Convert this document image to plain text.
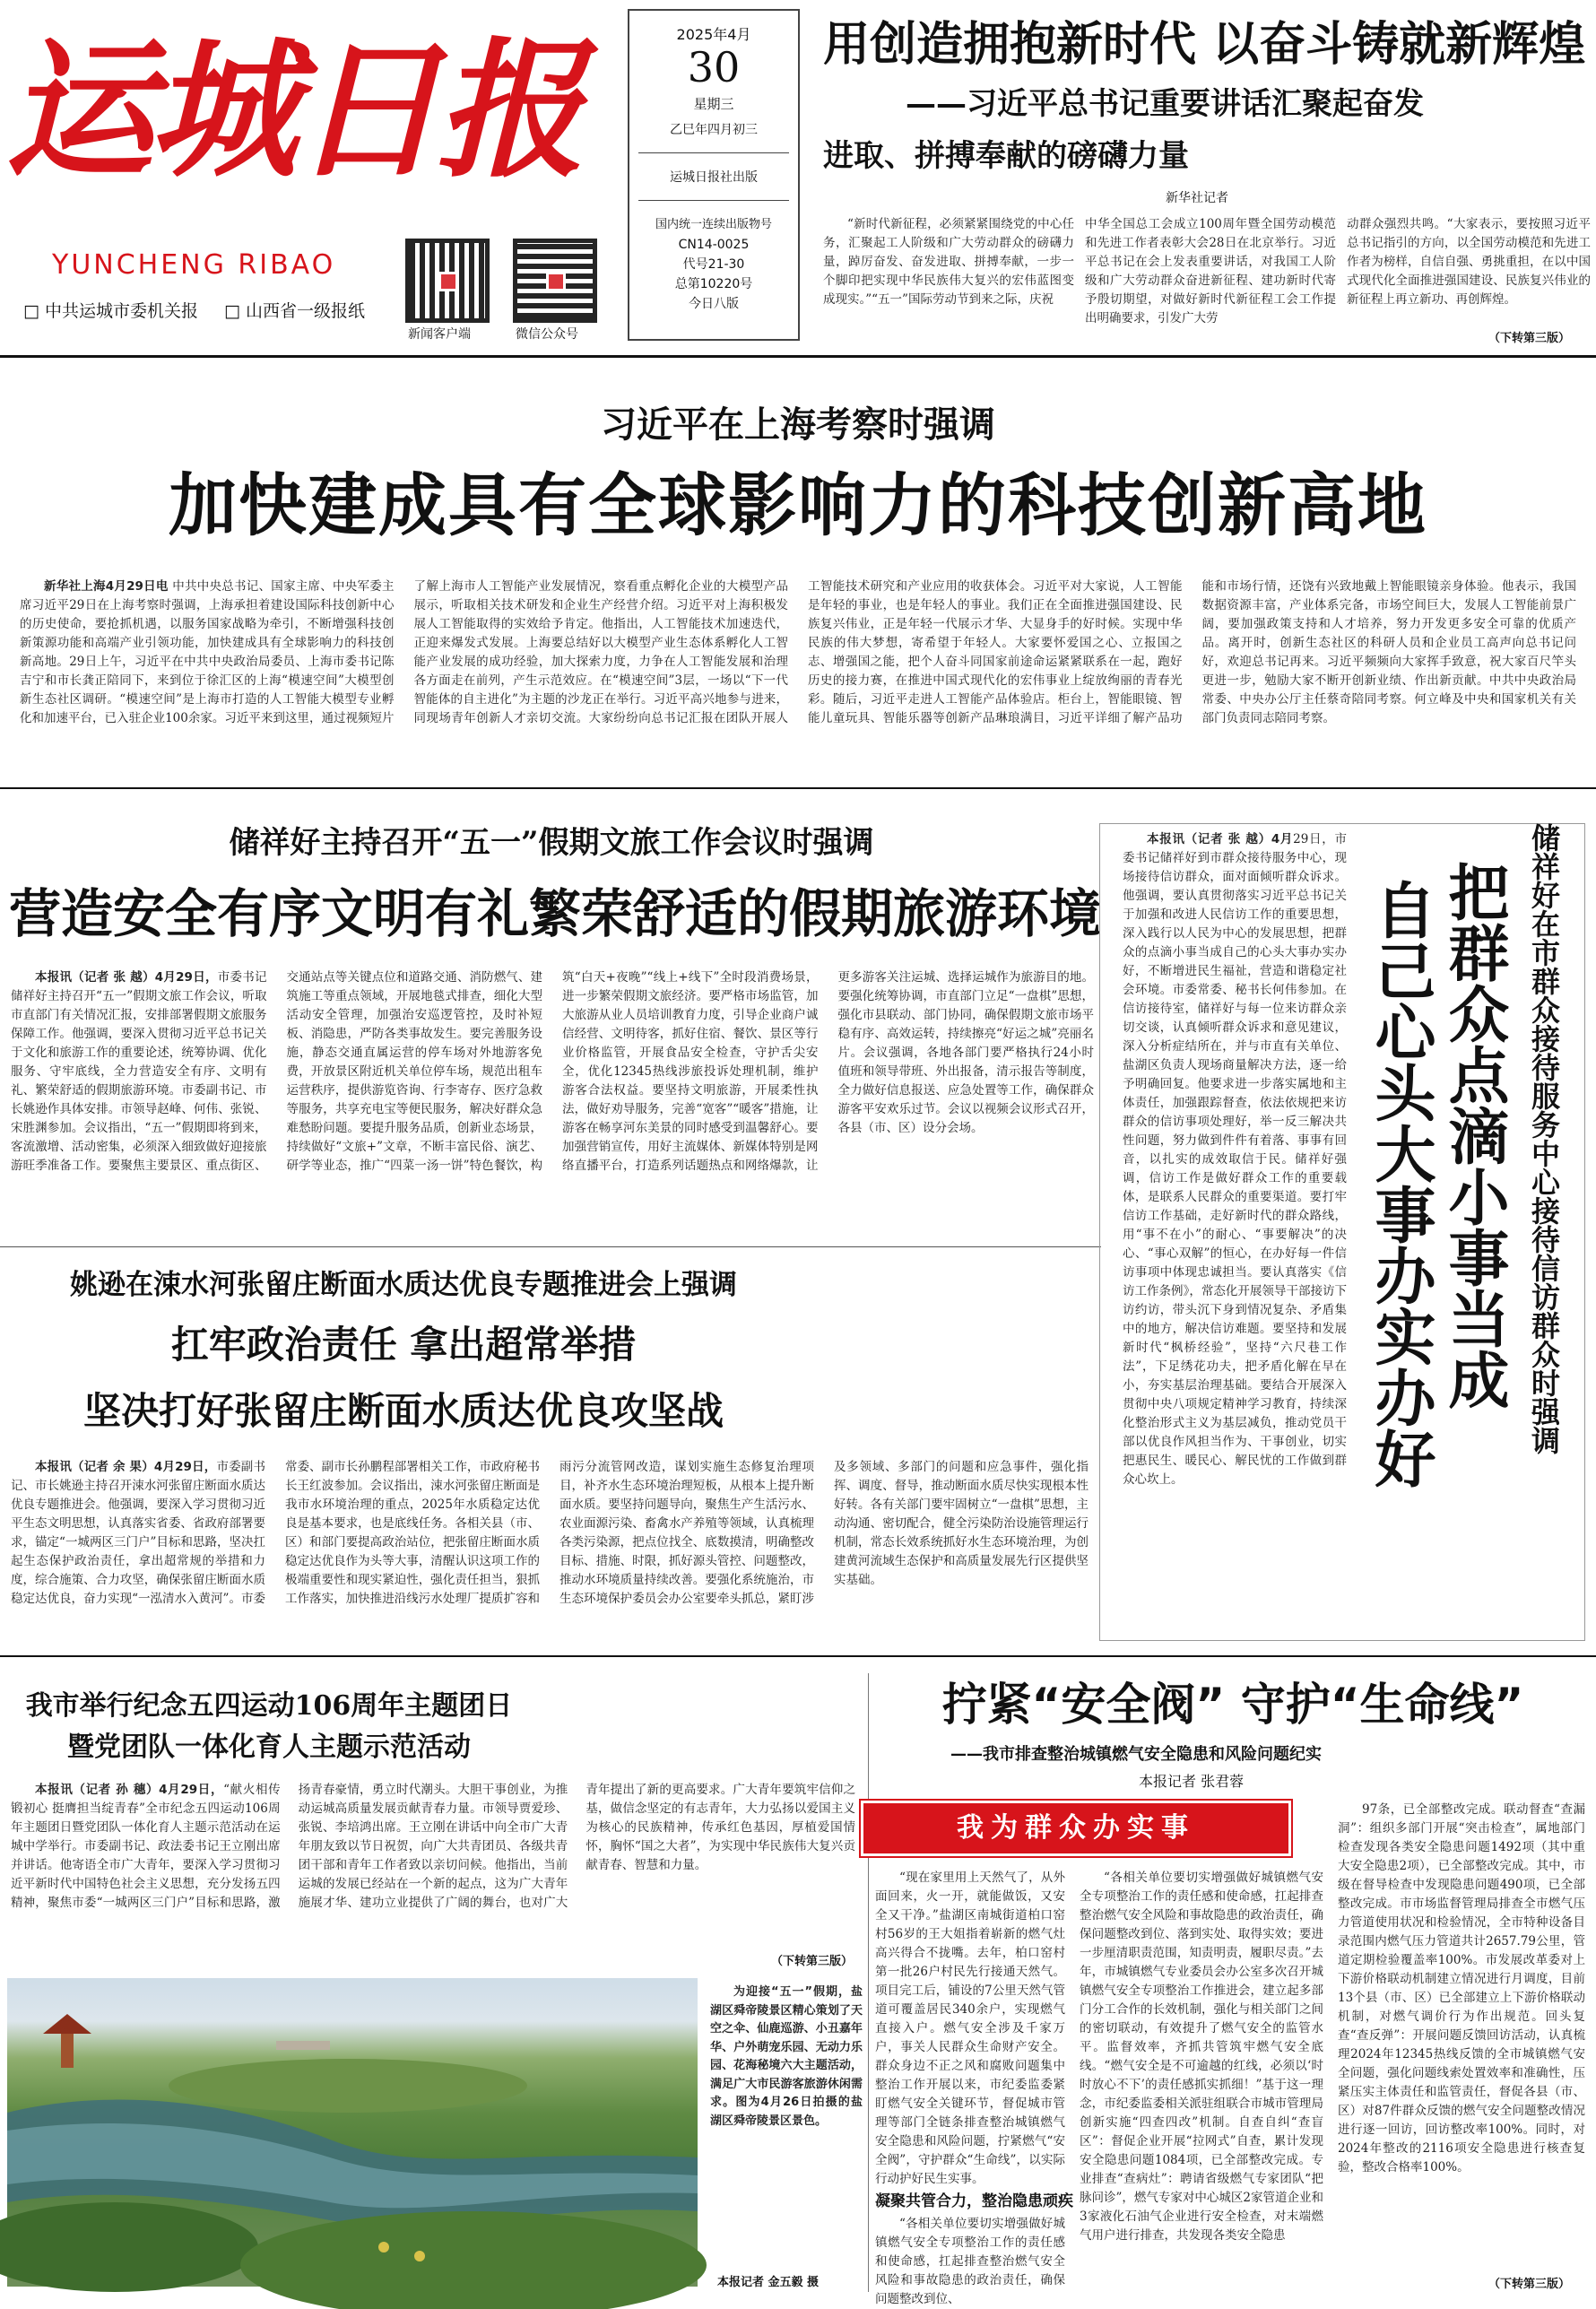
运城日报
YUNCHENG RIBAO
□ 中共运城市委机关报 □ 山西省一级报纸
新闻客户端	微信公众号
2025年4月
30
星期三
乙巳年四月初三
运城日报社出版
国内统一连续出版物号
CN14-0025
代号21-30
总第10220号
今日八版
用创造拥抱新时代 以奋斗铸就新辉煌
——习近平总书记重要讲话汇聚起奋发
进取、拼搏奉献的磅礴力量
新华社记者
“新时代新征程，必须紧紧围绕党的中心任务，汇聚起工人阶级和广大劳动群众的磅礴力量，踔厉奋发、奋发进取、拼搏奉献，一步一个脚印把实现中华民族伟大复兴的宏伟蓝图变成现实。”“五一”国际劳动节到来之际，庆祝
中华全国总工会成立100周年暨全国劳动模范和先进工作者表彰大会28日在北京举行。习近平总书记在会上发表重要讲话，对我国工人阶级和广大劳动群众奋进新征程、建功新时代寄予殷切期望，对做好新时代新征程工会工作提出明确要求，引发广大劳
动群众强烈共鸣。“大家表示，要按照习近平总书记指引的方向，以全国劳动模范和先进工作者为榜样，自信自强、勇挑重担，在以中国式现代化全面推进强国建设、民族复兴伟业的新征程上再立新功、再创辉煌。
（下转第三版）
习近平在上海考察时强调
加快建成具有全球影响力的科技创新高地

新华社上海4月29日电 中共中央总书记、国家主席、中央军委主席习近平29日在上海考察时强调，上海承担着建设国际科技创新中心的历史使命，要抢抓机遇，以服务国家战略为牵引，不断增强科技创新策源功能和高端产业引领功能，加快建成具有全球影响力的科技创新高地。29日上午，习近平在中共中央政治局委员、上海市委书记陈吉宁和市长龚正陪同下，来到位于徐汇区的上海“模速空间”大模型创新生态社区调研。“模速空间”是上海市打造的人工智能大模型专业孵化和加速平台，已入驻企业100余家。习近平来到这里，通过视频短片了解上海市人工智能产业发展情况，察看重点孵化企业的大模型产品展示，听取相关技术研发和企业生产经营介绍。习近平对上海积极发展人工智能取得的实效给予肯定。他指出，人工智能技术加速迭代，正迎来爆发式发展。上海要总结好以大模型产业生态体系孵化人工智能产业发展的成功经验，加大探索力度，力争在人工智能发展和治理各方面走在前列，产生示范效应。在“模速空间”3层，一场以“下一代智能体的自主进化”为主题的沙龙正在举行。习近平高兴地参与进来，同现场青年创新人才亲切交流。大家纷纷向总书记汇报在团队开展人工智能技术研究和产业应用的收获体会。习近平对大家说，人工智能是年轻的事业，也是年轻人的事业。我们正在全面推进强国建设、民族复兴伟业，正是年轻一代展示才华、大显身手的好时候。实现中华民族的伟大梦想，寄希望于年轻人。大家要怀爱国之心、立报国之志、增强国之能，把个人奋斗同国家前途命运紧紧联系在一起，跑好历史的接力赛，在推进中国式现代化的宏伟事业上绽放绚丽的青春光彩。随后，习近平走进人工智能产品体验店。柜台上，智能眼镜、智能儿童玩具、智能乐器等创新产品琳琅满目，习近平详细了解产品功能和市场行情，还饶有兴致地戴上智能眼镜亲身体验。他表示，我国数据资源丰富，产业体系完备，市场空间巨大，发展人工智能前景广阔，要加强政策支持和人才培养，努力开发更多安全可靠的优质产品。离开时，创新生态社区的科研人员和企业员工高声向总书记问好，欢迎总书记再来。习近平频频向大家挥手致意，祝大家百尺竿头更进一步，勉励大家不断开创新业绩、作出新贡献。中共中央政治局常委、中央办公厅主任蔡奇陪同考察。何立峰及中央和国家机关有关部门负责同志陪同考察。

储祥好主持召开“五一”假期文旅工作会议时强调
营造安全有序文明有礼繁荣舒适的假期旅游环境

本报讯（记者 张 越）4月29日，市委书记储祥好主持召开“五一”假期文旅工作会议，听取市直部门有关情况汇报，安排部署假期文旅服务保障工作。他强调，要深入贯彻习近平总书记关于文化和旅游工作的重要论述，统筹协调、优化服务、守牢底线，全力营造安全有序、文明有礼、繁荣舒适的假期旅游环境。市委副书记、市长姚逊作具体安排。市领导赵峰、何伟、张锐、宋胜渊参加。会议指出，“五一”假期即将到来，客流激增、活动密集，必须深入细致做好迎接旅游旺季准备工作。要聚焦主要景区、重点街区、交通站点等关键点位和道路交通、消防燃气、建筑施工等重点领域，开展地毯式排查，细化大型活动安全管理，加强治安巡逻管控，及时补短板、消隐患，严防各类事故发生。要完善服务设施，静态交通直属运营的停车场对外地游客免费，开放景区附近机关单位停车场，规范出租车运营秩序，提供游览咨询、行李寄存、医疗急救等服务，共享充电宝等便民服务，解决好群众急难愁盼问题。要提升服务品质，创新业态场景，持续做好“文旅+”文章，不断丰富民俗、演艺、研学等业态，推广“四菜一汤一饼”特色餐饮，构筑“白天+夜晚”“线上+线下”全时段消费场景，进一步繁荣假期文旅经济。要严格市场监管，加大旅游从业人员培训教育力度，引导企业商户诚信经营、文明待客，抓好住宿、餐饮、景区等行业价格监管，开展食品安全检查，守护舌尖安全，优化12345热线涉旅投诉处理机制，维护游客合法权益。要坚持文明旅游，开展柔性执法，做好劝导服务，完善“宽客”“暖客”措施，让游客在畅享河东美景的同时感受到温馨舒心。要加强营销宣传，用好主流媒体、新媒体特别是网络直播平台，打造系列话题热点和网络爆款，让更多游客关注运城、选择运城作为旅游目的地。要强化统筹协调，市直部门立足“一盘棋”思想，强化市县联动、部门协同，确保假期文旅市场平稳有序、高效运转，持续擦亮“好运之城”亮丽名片。会议强调，各地各部门要严格执行24小时值班和领导带班、外出报备，清示报告等制度，全力做好信息报送、应急处置等工作，确保群众游客平安欢乐过节。会议以视频会议形式召开，各县（市、区）设分会场。

本报讯（记者 张 越）4月29日，市委书记储祥好到市群众接待服务中心，现场接待信访群众，面对面倾听群众诉求。他强调，要认真贯彻落实习近平总书记关于加强和改进人民信访工作的重要思想，深入践行以人民为中心的发展思想，把群众的点滴小事当成自己的心头大事办实办好，不断增进民生福祉，营造和谐稳定社会环境。市委常委、秘书长何伟参加。在信访接待室，储祥好与每一位来访群众亲切交谈，认真倾听群众诉求和意见建议，深入分析症结所在，并与市直有关单位、盐湖区负责人现场商量解决方法，逐一给予明确回复。他要求进一步落实属地和主体责任，加强跟踪督查，依法依规把来访群众的信访事项处理好，举一反三解决共性问题，努力做到件件有着落、事事有回音，以扎实的成效取信于民。储祥好强调，信访工作是做好群众工作的重要载体，是联系人民群众的重要渠道。要打牢信访工作基础，走好新时代的群众路线，用“事不在小”的耐心、“事要解决”的决心、“事心双解”的恒心，在办好每一件信访事项中体现忠诚担当。要认真落实《信访工作条例》，常态化开展领导干部接访下访约访，带头沉下身到情况复杂、矛盾集中的地方，解决信访难题。要坚持和发展新时代“枫桥经验”，坚持“六尺巷工作法”，下足绣花功夫，把矛盾化解在早在小，夯实基层治理基础。要结合开展深入贯彻中央八项规定精神学习教育，持续深化整治形式主义为基层减负，推动党员干部以优良作风担当作为、干事创业，切实把惠民生、暖民心、解民忧的工作做到群众心坎上。	自己心头大事办实办好 把群众点滴小事当成 储祥好在市群众接待服务中心接待信访群众时强调
姚逊在涑水河张留庄断面水质达优良专题推进会上强调
扛牢政治责任 拿出超常举措
坚决打好张留庄断面水质达优良攻坚战

本报讯（记者 余 果）4月29日，市委副书记、市长姚逊主持召开涑水河张留庄断面水质达优良专题推进会。他强调，要深入学习贯彻习近平生态文明思想，认真落实省委、省政府部署要求，锚定“一城两区三门户”目标和思路，坚决扛起生态保护政治责任，拿出超常规的举措和力度，综合施策、合力攻坚，确保张留庄断面水质稳定达优良，奋力实现“一泓清水入黄河”。市委常委、副市长孙鹏程部署相关工作，市政府秘书长王红波参加。会议指出，涑水河张留庄断面是我市水环境治理的重点，2025年水质稳定达优良是基本要求，也是底线任务。各相关县（市、区）和部门要提高政治站位，把张留庄断面水质稳定达优良作为头等大事，清醒认识这项工作的极端重要性和现实紧迫性，强化责任担当，狠抓工作落实，加快推进沿线污水处理厂提质扩容和雨污分流管网改造，谋划实施生态修复治理项目，补齐水生态环境治理短板，从根本上提升断面水质。要坚持问题导向，聚焦生产生活污水、农业面源污染、畜禽水产养殖等领域，认真梳理各类污染源，把点位找全、底数摸清，明确整改目标、措施、时限，抓好源头管控、问题整改，推动水环境质量持续改善。要强化系统施治，市生态环境保护委员会办公室要牵头抓总，紧盯涉及多领域、多部门的问题和应急事件，强化指挥、调度、督导，推动断面水质尽快实现根本性好转。各有关部门要牢固树立“一盘棋”思想，主动沟通、密切配合，健全污染防治设施管理运行机制，常态长效系统抓好水生态环境治理，为创建黄河流域生态保护和高质量发展先行区提供坚实基础。

我市举行纪念五四运动106周年主题团日
暨党团队一体化育人主题示范活动

本报讯（记者 孙 穗）4月29日，“献火相传锻初心 挺膺担当绽青春”全市纪念五四运动106周年主题团日暨党团队一体化育人主题示范活动在运城中学举行。市委副书记、政法委书记王立刚出席并讲话。他寄语全市广大青年，要深入学习贯彻习近平新时代中国特色社会主义思想，充分发扬五四精神，聚焦市委“一城两区三门户”目标和思路，激扬青春豪情，勇立时代潮头。大胆干事创业，为推动运城高质量发展贡献青春力量。市领导贾爱珍、张锐、李培鸿出席。王立刚在讲话中向全市广大青年朋友致以节日祝贺，向广大共青团员、各级共青团干部和青年工作者致以亲切问候。他指出，当前运城的发展已经站在一个新的起点，这为广大青年施展才华、建功立业提供了广阔的舞台，也对广大青年提出了新的更高要求。广大青年要筑牢信仰之基，做信念坚定的有志青年，大力弘扬以爱国主义为核心的民族精神，传承红色基因，厚植爱国情怀，胸怀“国之大者”，为实现中华民族伟大复兴贡献青春、智慧和力量。

（下转第三版）

为迎接“五一”假期，盐湖区舜帝陵景区精心策划了天空之伞、仙鹿巡游、小丑嘉年华、户外萌宠乐园、无动力乐园、花海秘境六大主题活动，满足广大市民游客旅游休闲需求。图为4月26日拍摄的盐湖区舜帝陵景区景色。

本报记者 金五毅 摄
拧紧“安全阀” 守护“生命线”
——我市排查整治城镇燃气安全隐患和风险问题纪实
本报记者 张君蓉
我为群众办实事

“现在家里用上天然气了，从外面回来，火一开，就能做饭，又安全又干净。”盐湖区南城街道柏口窑村56岁的王大姐指着崭新的燃气灶高兴得合不拢嘴。去年，柏口窑村第一批26户村民先行接通天然气。项目完工后，铺设的7公里天然气管道可覆盖居民340余户，实现燃气直接入户。燃气安全涉及千家万户，事关人民群众生命财产安全。群众身边不正之风和腐败问题集中整治工作开展以来，市纪委监委紧盯燃气安全关键环节，督促城市管理等部门全链条排查整治城镇燃气安全隐患和风险问题，拧紧燃气“安全阀”，守护群众“生命线”，以实际行动护好民生实事。

凝聚共管合力，整治隐患顽疾

“各相关单位要切实增强做好城镇燃气安全专项整治工作的责任感和使命感，扛起排查整治燃气安全风险和事故隐患的政治责任，确保问题整改到位、

“各相关单位要切实增强做好城镇燃气安全专项整治工作的责任感和使命感，扛起排查整治燃气安全风险和事故隐患的政治责任，确保问题整改到位、落到实处、取得实效；要进一步厘清职责范围，知责明责，履职尽责。”去年，市城镇燃气专业委员会办公室多次召开城镇燃气安全专项整治工作推进会，建立起多部门分工合作的长效机制，强化与相关部门之间的密切联动，有效提升了燃气安全的监管水平。监督效率，齐抓共管筑牢燃气安全底线。“燃气安全是不可逾越的红线，必须以‘时时放心不下’的责任感抓实抓细！”基于这一理念，市纪委监委相关派驻组联合市城市管理局创新实施“四查四改”机制。自查自纠“查盲区”：督促企业开展“拉网式”自查，累计发现安全隐患问题1084项，已全部整改完成。专业排查“查病灶”：聘请省级燃气专家团队“把脉问诊”，燃气专家对中心城区2家管道企业和3家液化石油气企业进行安全检查，对末端燃气用户进行排查，共发现各类安全隐患

97条，已全部整改完成。联动督查“查漏洞”：组织多部门开展“突击检查”，属地部门检查发现各类安全隐患问题1492项（其中重大安全隐患2项），已全部整改完成。其中，市级在督导检查中发现隐患问题490项，已全部整改完成。市市场监督管理局排查全市燃气压力管道使用状况和检验情况，全市特种设备目录范围内燃气压力管道共计2657.79公里，管道定期检验覆盖率100%。市发展改革委对上下游价格联动机制建立情况进行月调度，目前13个县（市、区）已全部建立上下游价格联动机制，对燃气调价行为作出规范。回头复查“查反弹”：开展问题反馈回访活动，认真梳理2024年12345热线反馈的全市城镇燃气安全问题，强化问题线索处置效率和准确性，压紧压实主体责任和监管责任，督促各县（市、区）对87件群众反馈的燃气安全问题整改情况进行逐一回访，回访整改率100%。同时，对2024年整改的2116项安全隐患进行核查复验，整改合格率100%。

（下转第三版）
